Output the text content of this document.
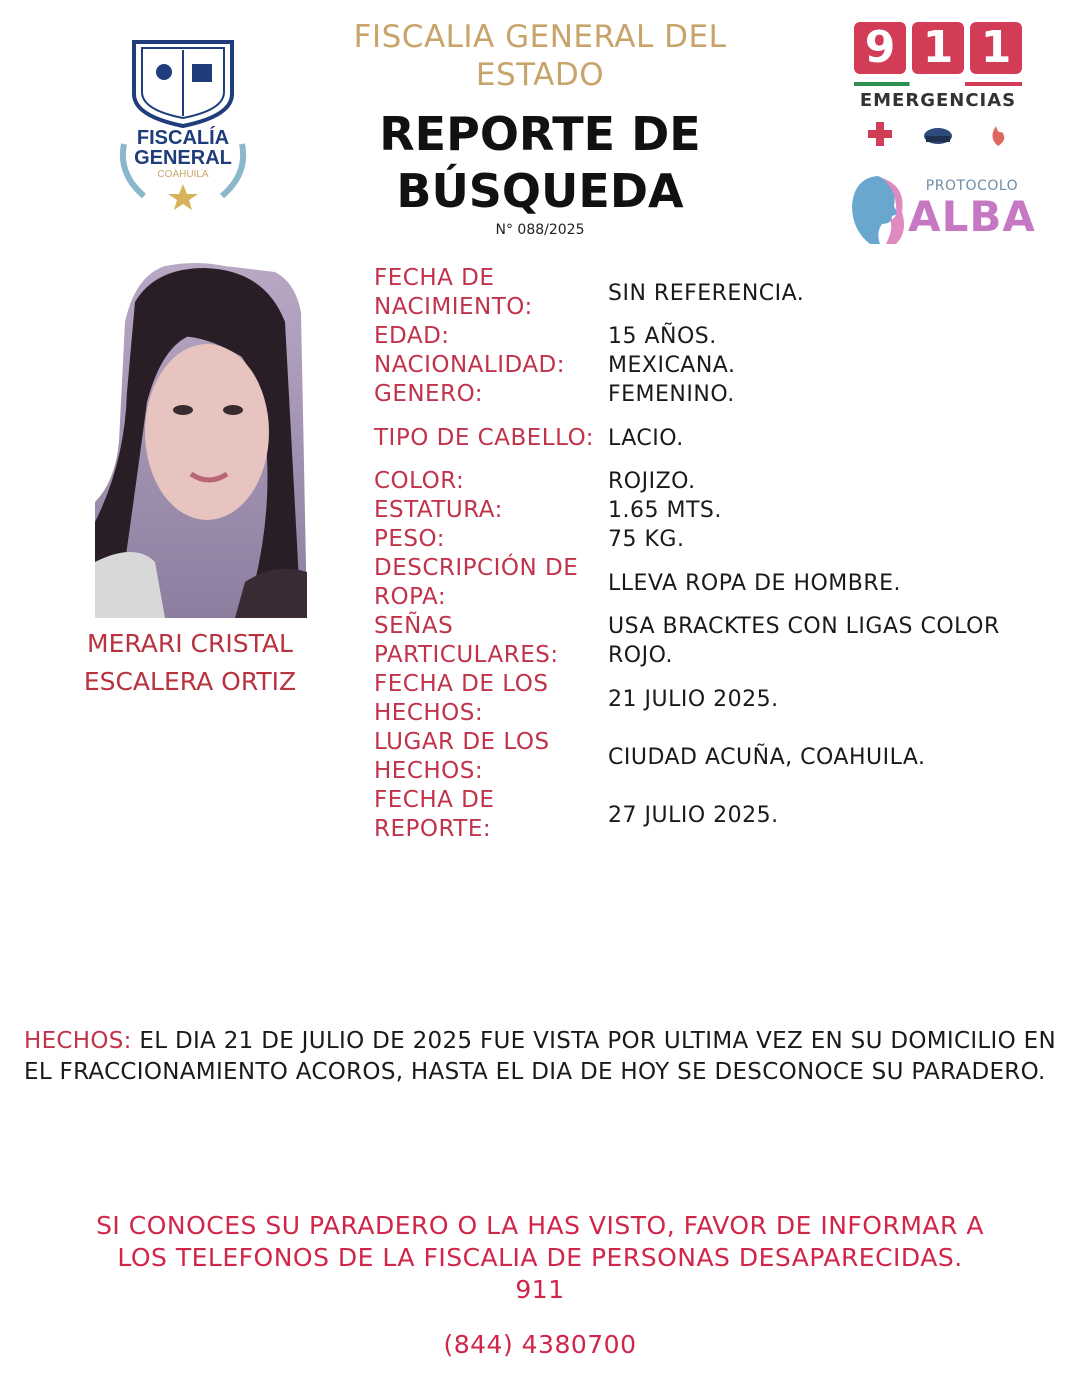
FISCALÍA
GENERAL
COAHUILA
FISCALIA GENERAL DEL ESTADO
REPORTE DE
BÚSQUEDA
N° 088/2025
9 1 1
EMERGENCIAS
PROTOCOLO
ALBA
MERARI CRISTAL
ESCALERA ORTIZ
FECHA DE NACIMIENTO:
SIN REFERENCIA.
EDAD:	15 AÑOS.
NACIONALIDAD:	MEXICANA.
GENERO:	FEMENINO.
TIPO DE CABELLO: LACIO.
COLOR:	ROJIZO.
ESTATURA:	1.65 MTS.
PESO:	75 KG.
DESCRIPCIÓN DE ROPA:
LLEVA ROPA DE HOMBRE.
SEÑAS PARTICULARES:
USA BRACKTES CON LIGAS COLOR ROJO.
FECHA DE LOS HECHOS:
21 JULIO 2025.
LUGAR DE LOS HECHOS:
CIUDAD ACUÑA, COAHUILA.
FECHA DE REPORTE:
27 JULIO 2025.
HECHOS: EL DIA 21 DE JULIO DE 2025 FUE VISTA POR ULTIMA VEZ EN SU DOMICILIO EN EL FRACCIONAMIENTO ACOROS, HASTA EL DIA DE HOY SE DESCONOCE SU PARADERO.
SI CONOCES SU PARADERO O LA HAS VISTO, FAVOR DE INFORMAR A
LOS TELEFONOS DE LA FISCALIA DE PERSONAS DESAPARECIDAS.
911
(844) 4380700
